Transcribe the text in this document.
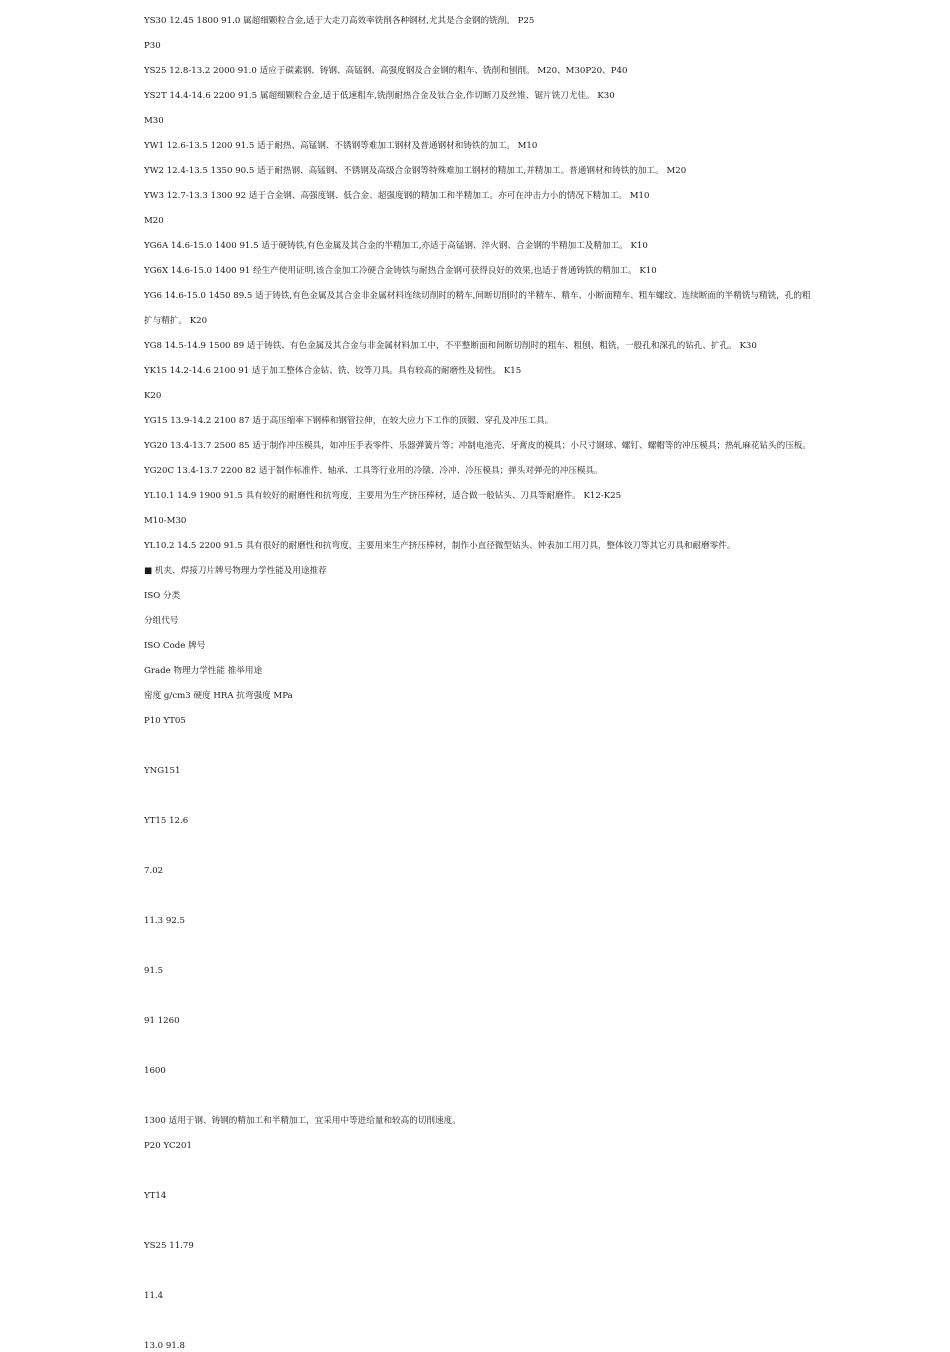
YS30 12.45 1800 91.0 属超细颗粒合金,适于大走刀高效率铣削各种钢材,尤其是合金钢的铣削。 P25
P30
YS25 12.8-13.2 2000 91.0 适应于碳素钢、铸钢、高锰钢、高强度钢及合金钢的粗车、铣削和刨削。 M20、M30P20、P40
YS2T 14.4-14.6 2200 91.5 属超细颗粒合金,适于低速粗车,铣削耐热合金及钛合金,作切断刀及丝锥、锯片铣刀尤佳。 K30
M30
YW1 12.6-13.5 1200 91.5 适于耐热、高锰钢、不锈钢等难加工钢材及普通钢材和铸铁的加工。 M10
YW2 12.4-13.5 1350 90.5 适于耐热钢、高锰钢、不锈钢及高级合金钢等特殊难加工钢材的精加工,并精加工。普通钢材和铸铁的加工。 M20
YW3 12.7-13.3 1300 92 适于合金钢、高强度钢、低合金、超强度钢的精加工和半精加工。亦可在冲击力小的情况下精加工。 M10
M20
YG6A 14.6-15.0 1400 91.5 适于硬铸铁,有色金属及其合金的半精加工,亦适于高锰钢、淬火钢、合金钢的半精加工及精加工。 K10
YG6X 14.6-15.0 1400 91 经生产使用证明,该合金加工冷硬合金铸铁与耐热合金钢可获得良好的效果,也适于普通铸铁的精加工。 K10
YG6 14.6-15.0 1450 89.5 适于铸铁,有色金属及其合金非金属材料连续切削时的精车,间断切削时的半精车、精车、小断面精车、粗车螺纹、连续断面的半精铣与精铣，孔的粗
扩与精扩。 K20
YG8 14.5-14.9 1500 89 适于铸铁、有色金属及其合金与非金属材料加工中，不平整断面和间断切削时的粗车、粗刨、粗铣，一般孔和深孔的钻孔、扩孔。 K30
YK15 14.2-14.6 2100 91 适于加工整体合金钻、铣、铰等刀具。具有较高的耐磨性及韧性。 K15
K20
YG15 13.9-14.2 2100 87 适于高压缩率下钢棒和钢管拉伸，在较大应力下工作的顶锻、穿孔及冲压工具。
YG20 13.4-13.7 2500 85 适于制作冲压模具，如冲压手表零件、乐器弹簧片等；冲制电池壳、牙膏皮的模具；小尺寸钢球、螺钉、螺帽等的冲压模具；热轧麻花钻头的压板。
YG20C 13.4-13.7 2200 82 适于制作标准件、轴承、工具等行业用的冷镦、冷冲、冷压模具；弹头对弹壳的冲压模具。
YL10.1 14.9 1900 91.5 具有较好的耐磨性和抗弯度，主要用为生产挤压棒材，适合做一般钻头、刀具等耐磨件。 K12-K25
M10-M30
YL10.2 14.5 2200 91.5 具有很好的耐磨性和抗弯度，主要用来生产挤压棒材，制作小直径微型钻头、钟表加工用刀具，整体铰刀等其它刃具和耐磨零件。
■ 机夹、焊接刀片牌号物理力学性能及用途推荐
ISO 分类
分组代号
ISO Code 牌号
Grade 物理力学性能 推举用途
密度 g/cm3 硬度 HRA 抗弯强度 MPa
P10 YT05
YNG151
YT15 12.6
7.02
11.3 92.5
91.5
91 1260
1600
1300 适用于钢、铸钢的精加工和半精加工，宜采用中等进给量和较高的切削速度。
P20 YC201
YT14
YS25 11.79
11.4
13.0 91.8
